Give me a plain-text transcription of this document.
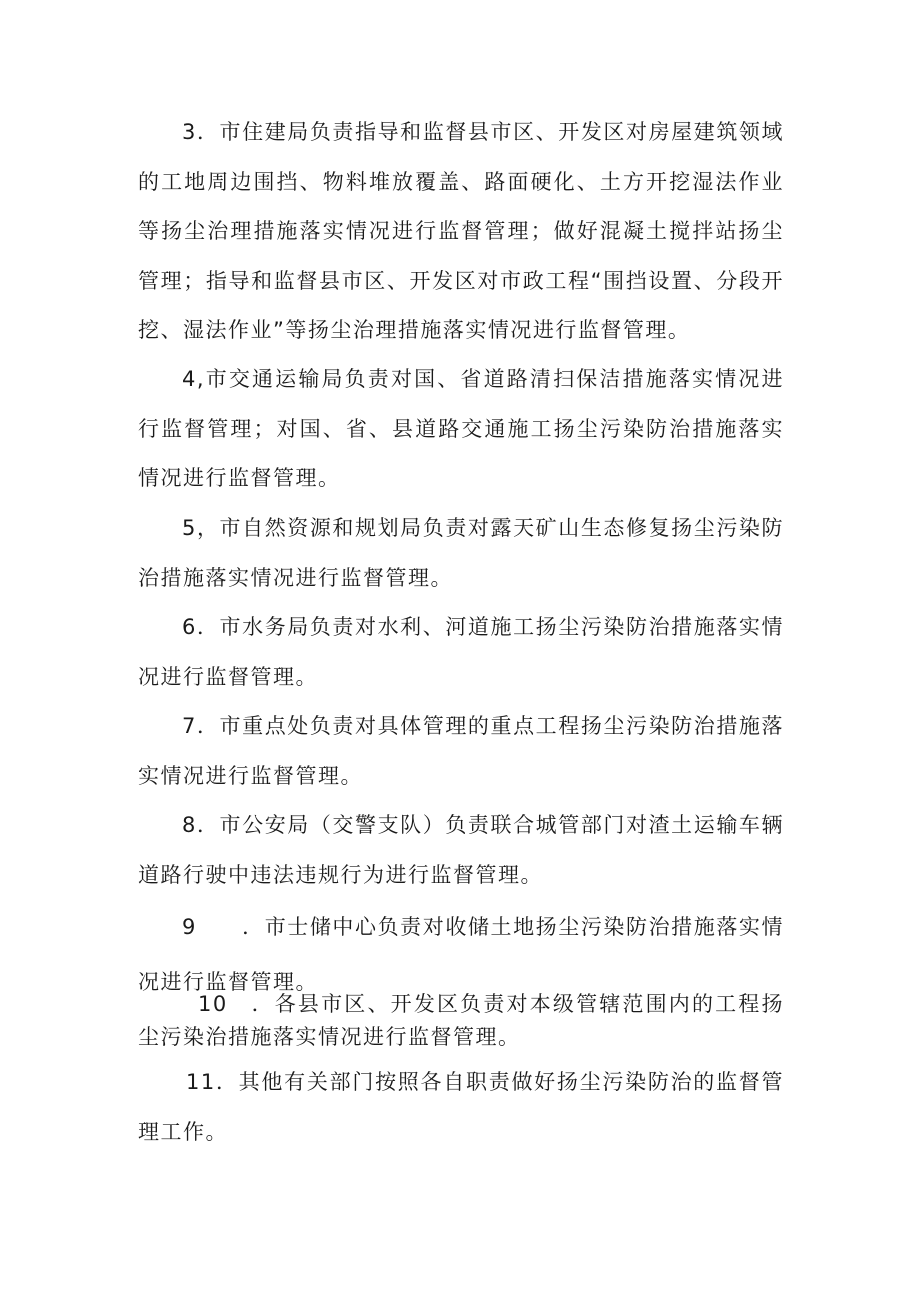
3．市住建局负责指导和监督县市区、开发区对房屋建筑领域的工地周边围挡、物料堆放覆盖、路面硬化、土方开挖湿法作业等扬尘治理措施落实情况进行监督管理；做好混凝土搅拌站扬尘管理；指导和监督县市区、开发区对市政工程“围挡设置、分段开挖、湿法作业”等扬尘治理措施落实情况进行监督管理。

4,市交通运输局负责对国、省道路清扫保洁措施落实情况进行监督管理；对国、省、县道路交通施工扬尘污染防治措施落实情况进行监督管理。

5，市自然资源和规划局负责对露天矿山生态修复扬尘污染防治措施落实情况进行监督管理。

6．市水务局负责对水利、河道施工扬尘污染防治措施落实情况进行监督管理。

7．市重点处负责对具体管理的重点工程扬尘污染防治措施落实情况进行监督管理。

8．市公安局（交警支队）负责联合城管部门对渣土运输车辆道路行驶中违法违规行为进行监督管理。

9　　．市士储中心负责对收储土地扬尘污染防治措施落实情况进行监督管理。

10　．各县市区、开发区负责对本级管辖范围内的工程扬尘污染治措施落实情况进行监督管理。

11．其他有关部门按照各自职责做好扬尘污染防治的监督管理工作。
